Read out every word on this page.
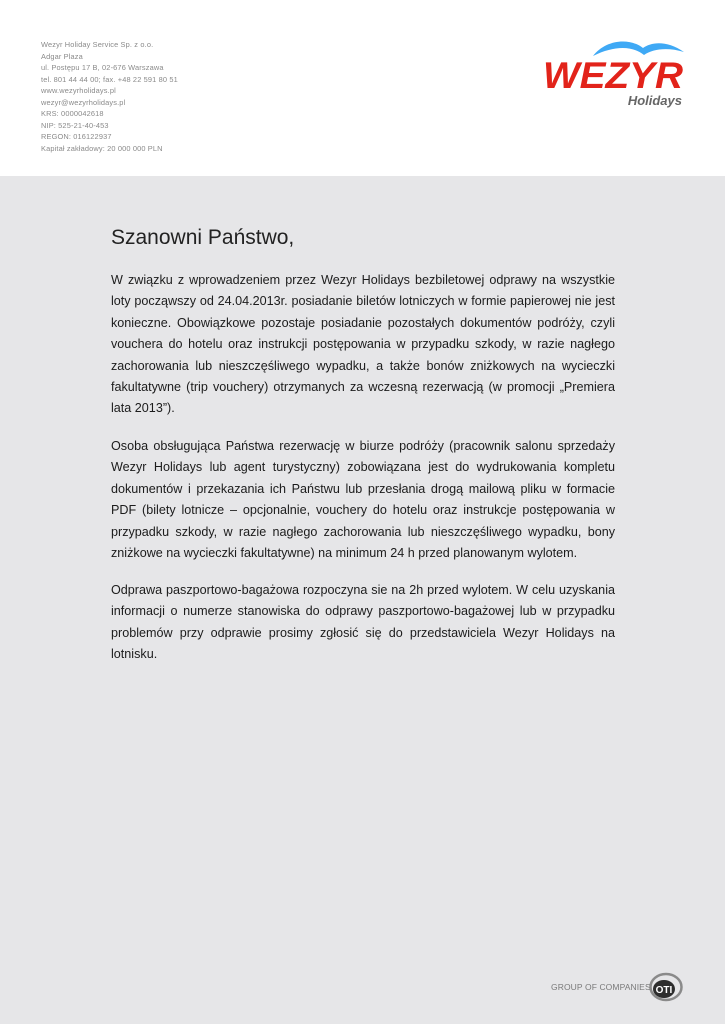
Wezyr Holiday Service Sp. z o.o.
Adgar Plaza
ul. Postępu 17 B, 02-676 Warszawa
tel. 801 44 44 00; fax. +48 22 591 80 51
www.wezyrholidays.pl
wezyr@wezyrholidays.pl
KRS: 0000042618
NIP: 525-21-40-453
REGON: 016122937
Kapitał zakładowy: 20 000 000 PLN
WEZYR
Holidays
Szanowni Państwo,

W związku z wprowadzeniem przez Wezyr Holidays bezbiletowej odprawy na wszystkie loty począwszy od 24.04.2013r. posiadanie biletów lotniczych w formie papierowej nie jest konieczne. Obowiązkowe pozostaje posiadanie pozostałych dokumentów podróży, czyli vouchera do hotelu oraz instrukcji postępowania w przypadku szkody, w razie nagłego zachorowania lub nieszczęśliwego wypadku, a także bonów zniżkowych na wycieczki fakultatywne (trip vouchery) otrzymanych za wczesną rezerwacją (w promocji „Premiera lata 2013”).

Osoba obsługująca Państwa rezerwację w biurze podróży (pracownik salonu sprzedaży Wezyr Holidays lub agent turystyczny) zobowiązana jest do wydrukowania kompletu dokumentów i przekazania ich Państwu lub przesłania drogą mailową pliku w formacie PDF (bilety lotnicze – opcjonalnie, vouchery do hotelu oraz instrukcje postępowania w przypadku szkody, w razie nagłego zachorowania lub nieszczęśliwego wypadku, bony zniżkowe na wycieczki fakultatywne) na minimum 24 h przed planowanym wylotem.

Odprawa paszportowo-bagażowa rozpoczyna sie na 2h przed wylotem. W celu uzyskania informacji o numerze stanowiska do odprawy paszportowo-bagażowej lub w przypadku problemów przy odprawie prosimy zgłosić się do przedstawiciela Wezyr Holidays na lotnisku.

GROUP OF COMPANIES OTI
